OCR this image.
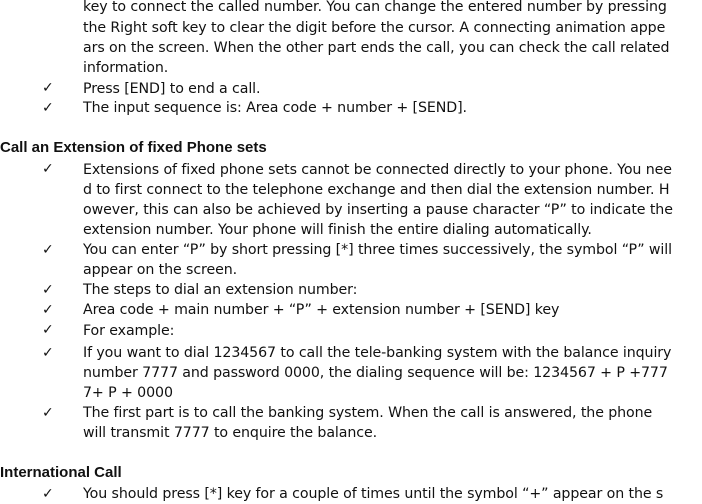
key to connect the called number. You can change the entered number by pressing
the Right soft key to clear the digit before the cursor. A connecting animation appe
ars on the screen. When the other part ends the call, you can check the call related
information.
✓ Press [END] to end a call.
✓ The input sequence is: Area code + number + [SEND].
Call an Extension of fixed Phone sets
✓ Extensions of fixed phone sets cannot be connected directly to your phone. You nee
d to first connect to the telephone exchange and then dial the extension number. H
owever, this can also be achieved by inserting a pause character “P” to indicate the
extension number. Your phone will finish the entire dialing automatically.
✓ You can enter “P” by short pressing [*] three times successively, the symbol “P” will
appear on the screen.
✓ The steps to dial an extension number:
✓ Area code + main number + “P” + extension number + [SEND] key
✓ For example:
✓ If you want to dial 1234567 to call the tele-banking system with the balance inquiry
number 7777 and password 0000, the dialing sequence will be: 1234567 + P +777
7+ P + 0000
✓ The first part is to call the banking system. When the call is answered, the phone
will transmit 7777 to enquire the balance.
International Call
✓ You should press [*] key for a couple of times until the symbol “+” appear on the s
